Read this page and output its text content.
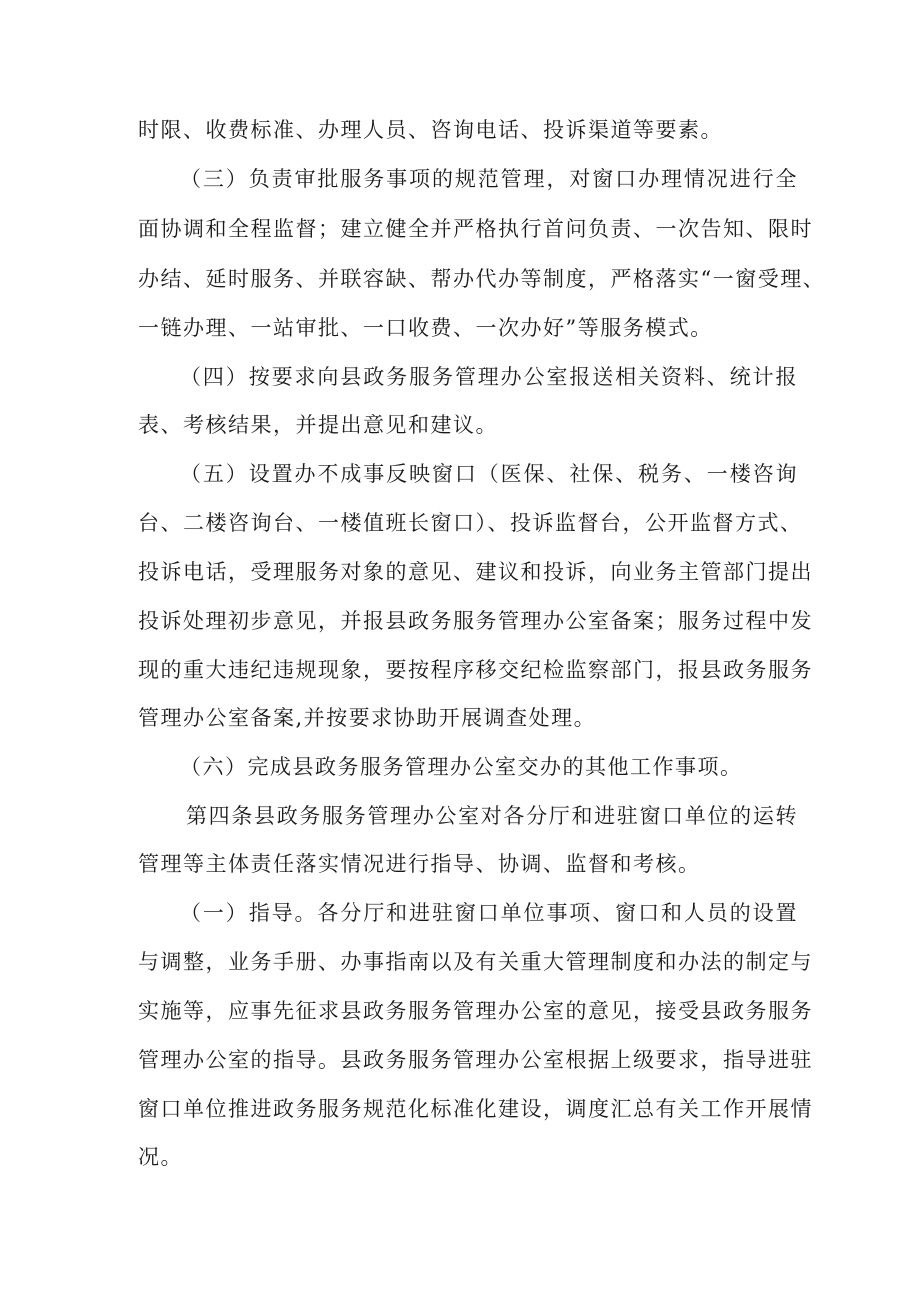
时限、收费标准、办理人员、咨询电话、投诉渠道等要素。
（三）负责审批服务事项的规范管理，对窗口办理情况进行全
面协调和全程监督；建立健全并严格执行首问负责、一次告知、限时
办结、延时服务、并联容缺、帮办代办等制度，严格落实“一窗受理、
一链办理、一站审批、一口收费、一次办好”等服务模式。
（四）按要求向县政务服务管理办公室报送相关资料、统计报
表、考核结果，并提出意见和建议。
（五）设置办不成事反映窗口（医保、社保、税务、一楼咨询
台、二楼咨询台、一楼值班长窗口）、投诉监督台，公开监督方式、
投诉电话，受理服务对象的意见、建议和投诉，向业务主管部门提出
投诉处理初步意见，并报县政务服务管理办公室备案；服务过程中发
现的重大违纪违规现象，要按程序移交纪检监察部门，报县政务服务
管理办公室备案,并按要求协助开展调查处理。
（六）完成县政务服务管理办公室交办的其他工作事项。
第四条县政务服务管理办公室对各分厅和进驻窗口单位的运转
管理等主体责任落实情况进行指导、协调、监督和考核。
（一）指导。各分厅和进驻窗口单位事项、窗口和人员的设置
与调整，业务手册、办事指南以及有关重大管理制度和办法的制定与
实施等，应事先征求县政务服务管理办公室的意见，接受县政务服务
管理办公室的指导。县政务服务管理办公室根据上级要求，指导进驻
窗口单位推进政务服务规范化标准化建设，调度汇总有关工作开展情
况。
